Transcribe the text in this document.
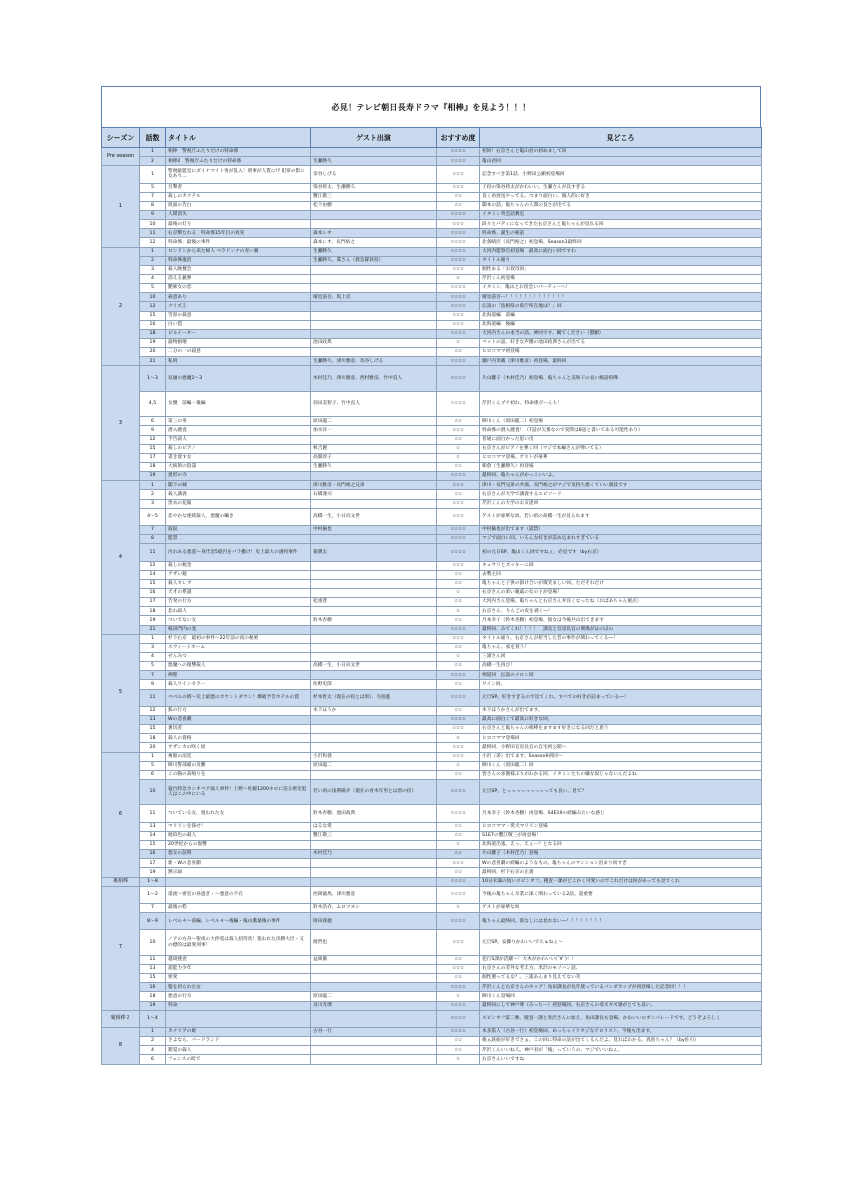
必見！テレビ朝日長寿ドラマ『相棒』を見よう！！！
シーズン	話数	タイトル	ゲスト出演	おすすめ度	見どころ
Pre season	1	相棒　警視庁ふたりだけの特命係		☆☆☆☆	初回！右京さんと亀山君の初めまして回
	2	相棒2　警視庁ふたりだけの特命係	生瀬勝久	☆☆☆☆	亀山君回
1	1	警視総監室にダイナマイト男が乱入！刑事が人質に!? 犯罪の影に女あり…	奈谷しげる	☆☆☆	記念すべき第1話、小野田公顕初登場回
	5	目撃者	染谷将太、生瀬勝久	☆☆☆	子役の染谷将太がかわいい。生瀬さんが良すぎる
	7	殺しのカクテル	蟹江敬三	☆☆	良く再放送やってる。つまり面白い。個人的に好き
	8	仮面の告白	松下由樹	☆☆	脚本の話。亀ちゃんの人間の良さが出てる
	9	人間消失		☆☆☆☆	イタミン英会話教室
	10	最後の灯り		☆☆☆	段々とバディになってきた右京さんと亀ちゃんが見れる回
	11	右京撃たれる　特命係15年目の真実	森本レオ	☆☆☆☆	特命係、誕生の秘話
	12	特命係、最後の事件	森本レオ、長門裕之	☆☆☆☆	北条晴臣（長門裕之）初登場、Season1最終回
2	1	ロンドンから来た婦人 ペラドンナの赤い翼	生瀬勝久	☆☆☆☆	大河内監察官初登場　最高に面白い回ですわ
	2	特命係復活	生瀬勝久、眞さん（救急隊員役）	☆☆☆☆	タイトル通り
	3	殺人晩餐会		☆☆☆	個性ある「お叔母回」
	4	消える銃弾		☆	芹沢くん初登場
	5	艶姉女の恋		☆☆☆☆	イタミン、亀山とお役会いパーティーへ！
	10	殺意あり	晴見前吾、坂上忍	☆☆☆☆	晴見前吾ー！！！！！！！！！！！！！
	12	クイズ王		☆☆☆☆	伝説の「島根県の県庁所在地は？」回
	15	雪原の殺意		☆☆☆	北海道編　前編
	16	白い罠		☆☆☆	北海道編　後編
	18	ピルイーター		☆☆☆☆	大河内さんの本当の話。神回です、観てください（懇願）
	19	器物損壊	池田政典	☆	ペットの話。好きな声優の池田政典さんが出てる
	20	二分の一の殺意		☆☆	ヒロコママ初登場
	21	私刑	生瀬勝久、津川雅彦、奈谷しげる	☆☆☆☆	瀬戸内米蔵（津川雅彦）初登場、最終回
3	1～3	双頭の悪魔1～3	木村佳乃、津川雅彦、西村雅彦、竹中直人	☆☆☆☆	片山雛子（木村佳乃）初登場、亀ちゃんと美和子の長い痴話喧嘩
	4,5	女優　前編・後編	羽田美智子、竹中直人	☆☆☆☆	芹沢くんプチ初れ、特命係ぴーんち！
	6	第三の男	原田龍二	☆☆	陣川くん（原田龍二）初登場
	9	潜入捜査	加水洋一	☆☆☆	特命係の潜入捜査！（7話が欠番なので実際は8話と書いてある可能性あり）
	12	予告殺人		☆☆	普通に面白かった思い出
	15	殺しのピアノ	秋吉麗	☆	右京さんがピアノを弾く回（マジで本編さんが弾いてる）
	17	書き置す女	高畑淳子	☆	ヒロコママ登場、ゲストが豪華
	18	大統領の陰謀	生瀬勝久	☆☆	朝倉（生瀬勝久）再登場
	19	異形の寺		☆☆☆☆	最終回、亀ちゃんがかっこいいよ。
4	1	閣下の城	津川雅彦・長門裕之兄弟	☆☆☆	津川・長門兄弟の共演。長門裕之がマジで気持ち悪くていい演技です
	2	殺人講義	石橋蓮司	☆☆	右京さんが大学で講義するエピソード
	3	黒衣の花嫁		☆☆☆	芹沢くんの大学のお友達回
	4～5	悲やかな連続殺人、悪魔の囁き	高橋一生、小日向文世	☆☆☆	ゲストが豪華な回。若い頃の高橋一生が見られます
	7	波紋	中村倫也	☆☆☆☆	中村倫也が出てます（震禁）
	8	監禁		☆☆☆☆	マジで面白い回。いろんな好きが詰め込まれすぎている
	11	汚れある悪霊～身代金5億円をバラ撒け！史上最大の誘拐事件	菊潤太	☆☆☆☆	初の元日SP、亀山くん回ですねぇ、必見です（by右京）
	12	殺しの税金		☆☆☆	キュウリとズッキーニ回
	14	アザい鏡		☆☆	去勢主回
	15	殺人セレブ		☆☆	亀ちゃんと子供の掛け合いが微笑ましい回。ただそれだけ
	16	天才の系譜		☆	右京さんの弟い親戚の女の子が登場！
	17	告発の行方	松重豊	☆☆	大河内さん登場、亀ちゃんと右京さん弁良くなったね（おばあちゃん視点）
	18	悲れ殺人		☆	右京さん、りんごの皮を剥く―！
	19	ついてない女	鈴木杏樹	☆☆	月本幸子（鈴木杏樹）初登場、彼女は今後共山出てきます
	21	桜田門内の変		☆☆☆☆	最終回、みてくれ！！！！　課長と官房長官の関係がはのぼの
5	1	杉下右京　最初の事件～22年前の夜の秘密		☆☆☆	タイトル通り。右京さんが担当した昔の事件が関わってくる―！
	3	スウィートホーム		☆☆	亀ちゃん、家を買う！
	4	せんみつ		☆	三浦さん回
	5	悪魔への復讐殺人	高橋一生、小日向文世	☆☆	高橋一生再び！
	7	剣聖		☆☆☆☆	剣道回　伝説のメロン回
	9	殺人ワインセラー	佐野史郎	☆☆	ワイン回。
	11	ペベルの塔～史上最悪のカウントダウン！爆破予告ホテルの罠	杉本哲太（現在の役とは別）、寺島進	☆☆☆☆	元旦SP。好きすぎるので見てくれ。すべての好きが詰まっている―！
	12	狐の行方	木下ほうか	☆☆	木下ほうかさんが出てます。
	13	Wの悲喜劇		☆☆☆☆	最高に面白くて最高に好きな回。
	15	裏切者		☆☆☆	右京さんと亀ちゃんの相棒をますます好きになる回だと思う
	18	殺人の資格		☆	ヒロコママ登場回
	20	サザンカの咲く頃		☆☆☆	最終回、小野田官房長官の自宅初公開～
6	1	複眼の法廷	小沢和義	☆☆☆	小沢（弟）出てます。Season6初回～
	5	陣川警部補の災難	原田龍二	☆	陣川くん（原田龍二）回
	6	この胸の高鳴りを		☆☆	皆さんの多圏様ぶりがわかる回、イタミンたちの嫌な奴じゃないんだよね
	10	寝台特急カシオペア殺人事件！上野～札幌1200キロに迫る密室犯人はこの中にいる	若い頃の浅利陽介（現在の青木年男とは別の役）	☆☆☆☆	元旦SP。とっっっっっっっっっても良い。見て？
	11	ついている女、狙われた女	鈴木杏樹、池田政典	☆☆☆☆	月本幸子（鈴木杏樹）再登場、S4E19の続編みたいな感じ
	13	マリリンを探せ！	はるな愛	☆☆	ヒロコママ・愛犬マリリン登場
	14	琥珀色の殺人	蟹江敬三	☆☆	S1E7の蟹江敬三が再登場！
	15	20世紀からの復讐		☆	北海道出張。えっ、えぇー？となる回
	16	悪女の証明	木村佳乃	☆☆	片山雛子（木村佳乃）登場
	17	新・Wの悲喜劇		☆☆☆	Wの悲喜劇の続編のようなもの。亀ちゃんのマンション泊まり回すぎ
	19	黙示録		☆☆	最終回、杉下右京の正義
裏相棒	1～8			☆☆☆☆	10分未満の短いスピンオフ。捜査一課がどこかく可愛いのでこれだけは何があっても見てくれ
7	1～2	還流～密室の昼過ぎ・～悪意の不在	西岡徳馬、津川雅彦	☆☆☆☆	今後の亀ちゃん卒業に深く関わっている2話。超重要
	7	最後の砦	鈴木浩介、ムロツヨシ	☆	ゲストが豪華な回
	8～9	レベル４～前編、レベル４～後編・亀山薫最後の事件	岡田義徳	☆☆☆☆	亀ちゃん最終回。涙なしには見れない―！！！！！！！！
	10	ノアの方舟～聖夜の大停電は殺人招待状！狙われた決勝大臣・又の標的は最愛刑事！	渡哲也	☆☆☆	元旦SP。安藤りかわいいでちゅねぇ～
	11	越境捜査	益岡徹	☆☆	犯行5課が活躍～！大木がかわいい(´∀`)！！
	13	超能力少年		☆☆☆	右京さんの差外な考え方、米沢のモソハン話、
	15	密愛		☆☆	個性選ってる女？。三浦あんまり見えてない笑
	16	髪を切られた女		☆☆☆☆	芹沢くんと右京さんのタッグ！角田課長が長年使っているパンダカップが初登場した記念回！！！
	18	悪意の行方	原田龍二	☆	陣川くん登場回
	19	特命	及川光博	☆☆☆☆	最終回にして神戸尊（みっちー）初登場回。右京さんの尋ズギズ感がとても良い。
裏相棒２	1～4			☆☆☆☆	スピンオフ第二弾。捜査一課と米沢さんに加え、角田課長も登場。かわいいのオンパレードです。どうぞよろしく
8	1	カナリアの姫	古谷一行	☆☆☆☆	本多篤人（古谷一行）初登場回。めっちゃイケオジなテロリスト。今後も出ます。
	2	さよなら、バードランド		☆☆	俺ぁ鉄砲が好きでさぁ。この回に特命の話が出てくるんだよ。見ればわかる。真島ちゃん？（by佐川）
	4	錯覚の殺人		☆☆	芹沢くんいいね人。神戸君が「俺」っていうの、マジでいいねぇ。
	6	フェンスの町で		☆	右京さんいいですね
